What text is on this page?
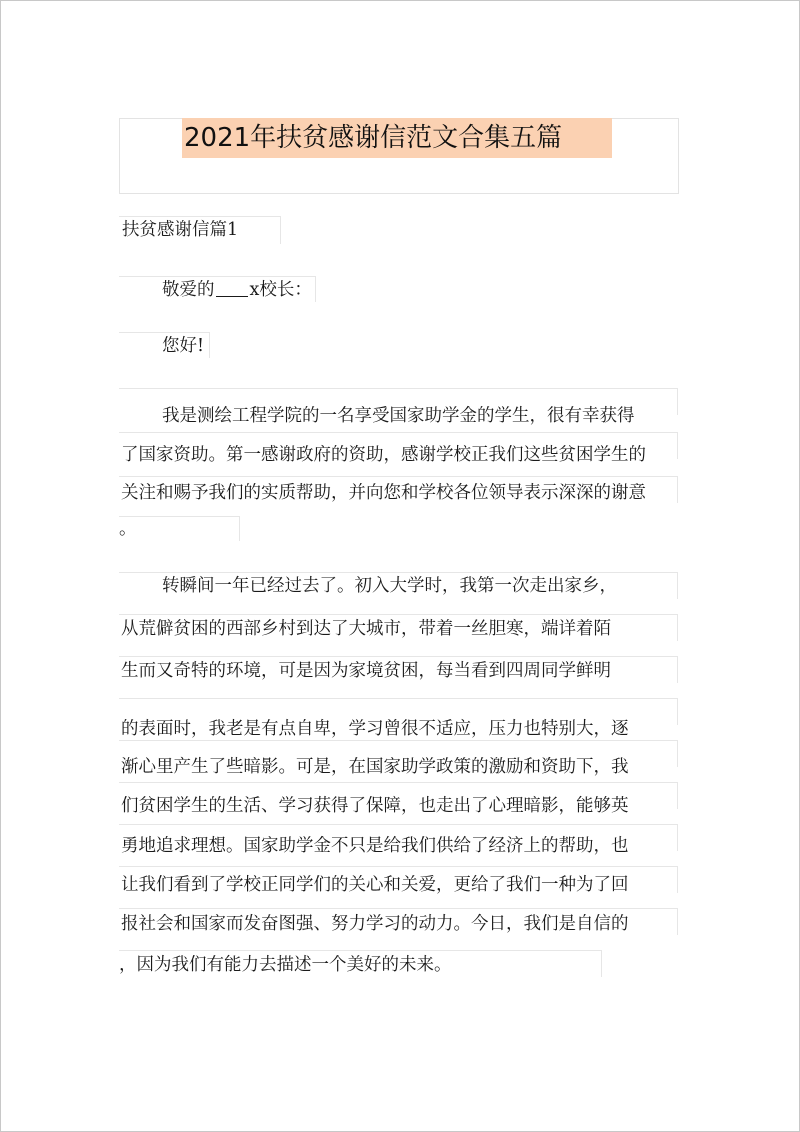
2021年扶贫感谢信范文合集五篇
扶贫感谢信篇1
敬爱的 x校长：
您好!
我是测绘工程学院的一名享受国家助学金的学生，很有幸获得
了国家资助。第一感谢政府的资助，感谢学校正我们这些贫困学生的
关注和赐予我们的实质帮助，并向您和学校各位领导表示深深的谢意
。
转瞬间一年已经过去了。初入大学时，我第一次走出家乡，
从荒僻贫困的西部乡村到达了大城市，带着一丝胆寒，端详着陌
生而又奇特的环境，可是因为家境贫困，每当看到四周同学鲜明
的表面时，我老是有点自卑，学习曾很不适应，压力也特别大，逐
渐心里产生了些暗影。可是，在国家助学政策的激励和资助下，我
们贫困学生的生活、学习获得了保障，也走出了心理暗影，能够英
勇地追求理想。国家助学金不只是给我们供给了经济上的帮助，也
让我们看到了学校正同学们的关心和关爱，更给了我们一种为了回
报社会和国家而发奋图强、努力学习的动力。今日，我们是自信的
，因为我们有能力去描述一个美好的未来。
